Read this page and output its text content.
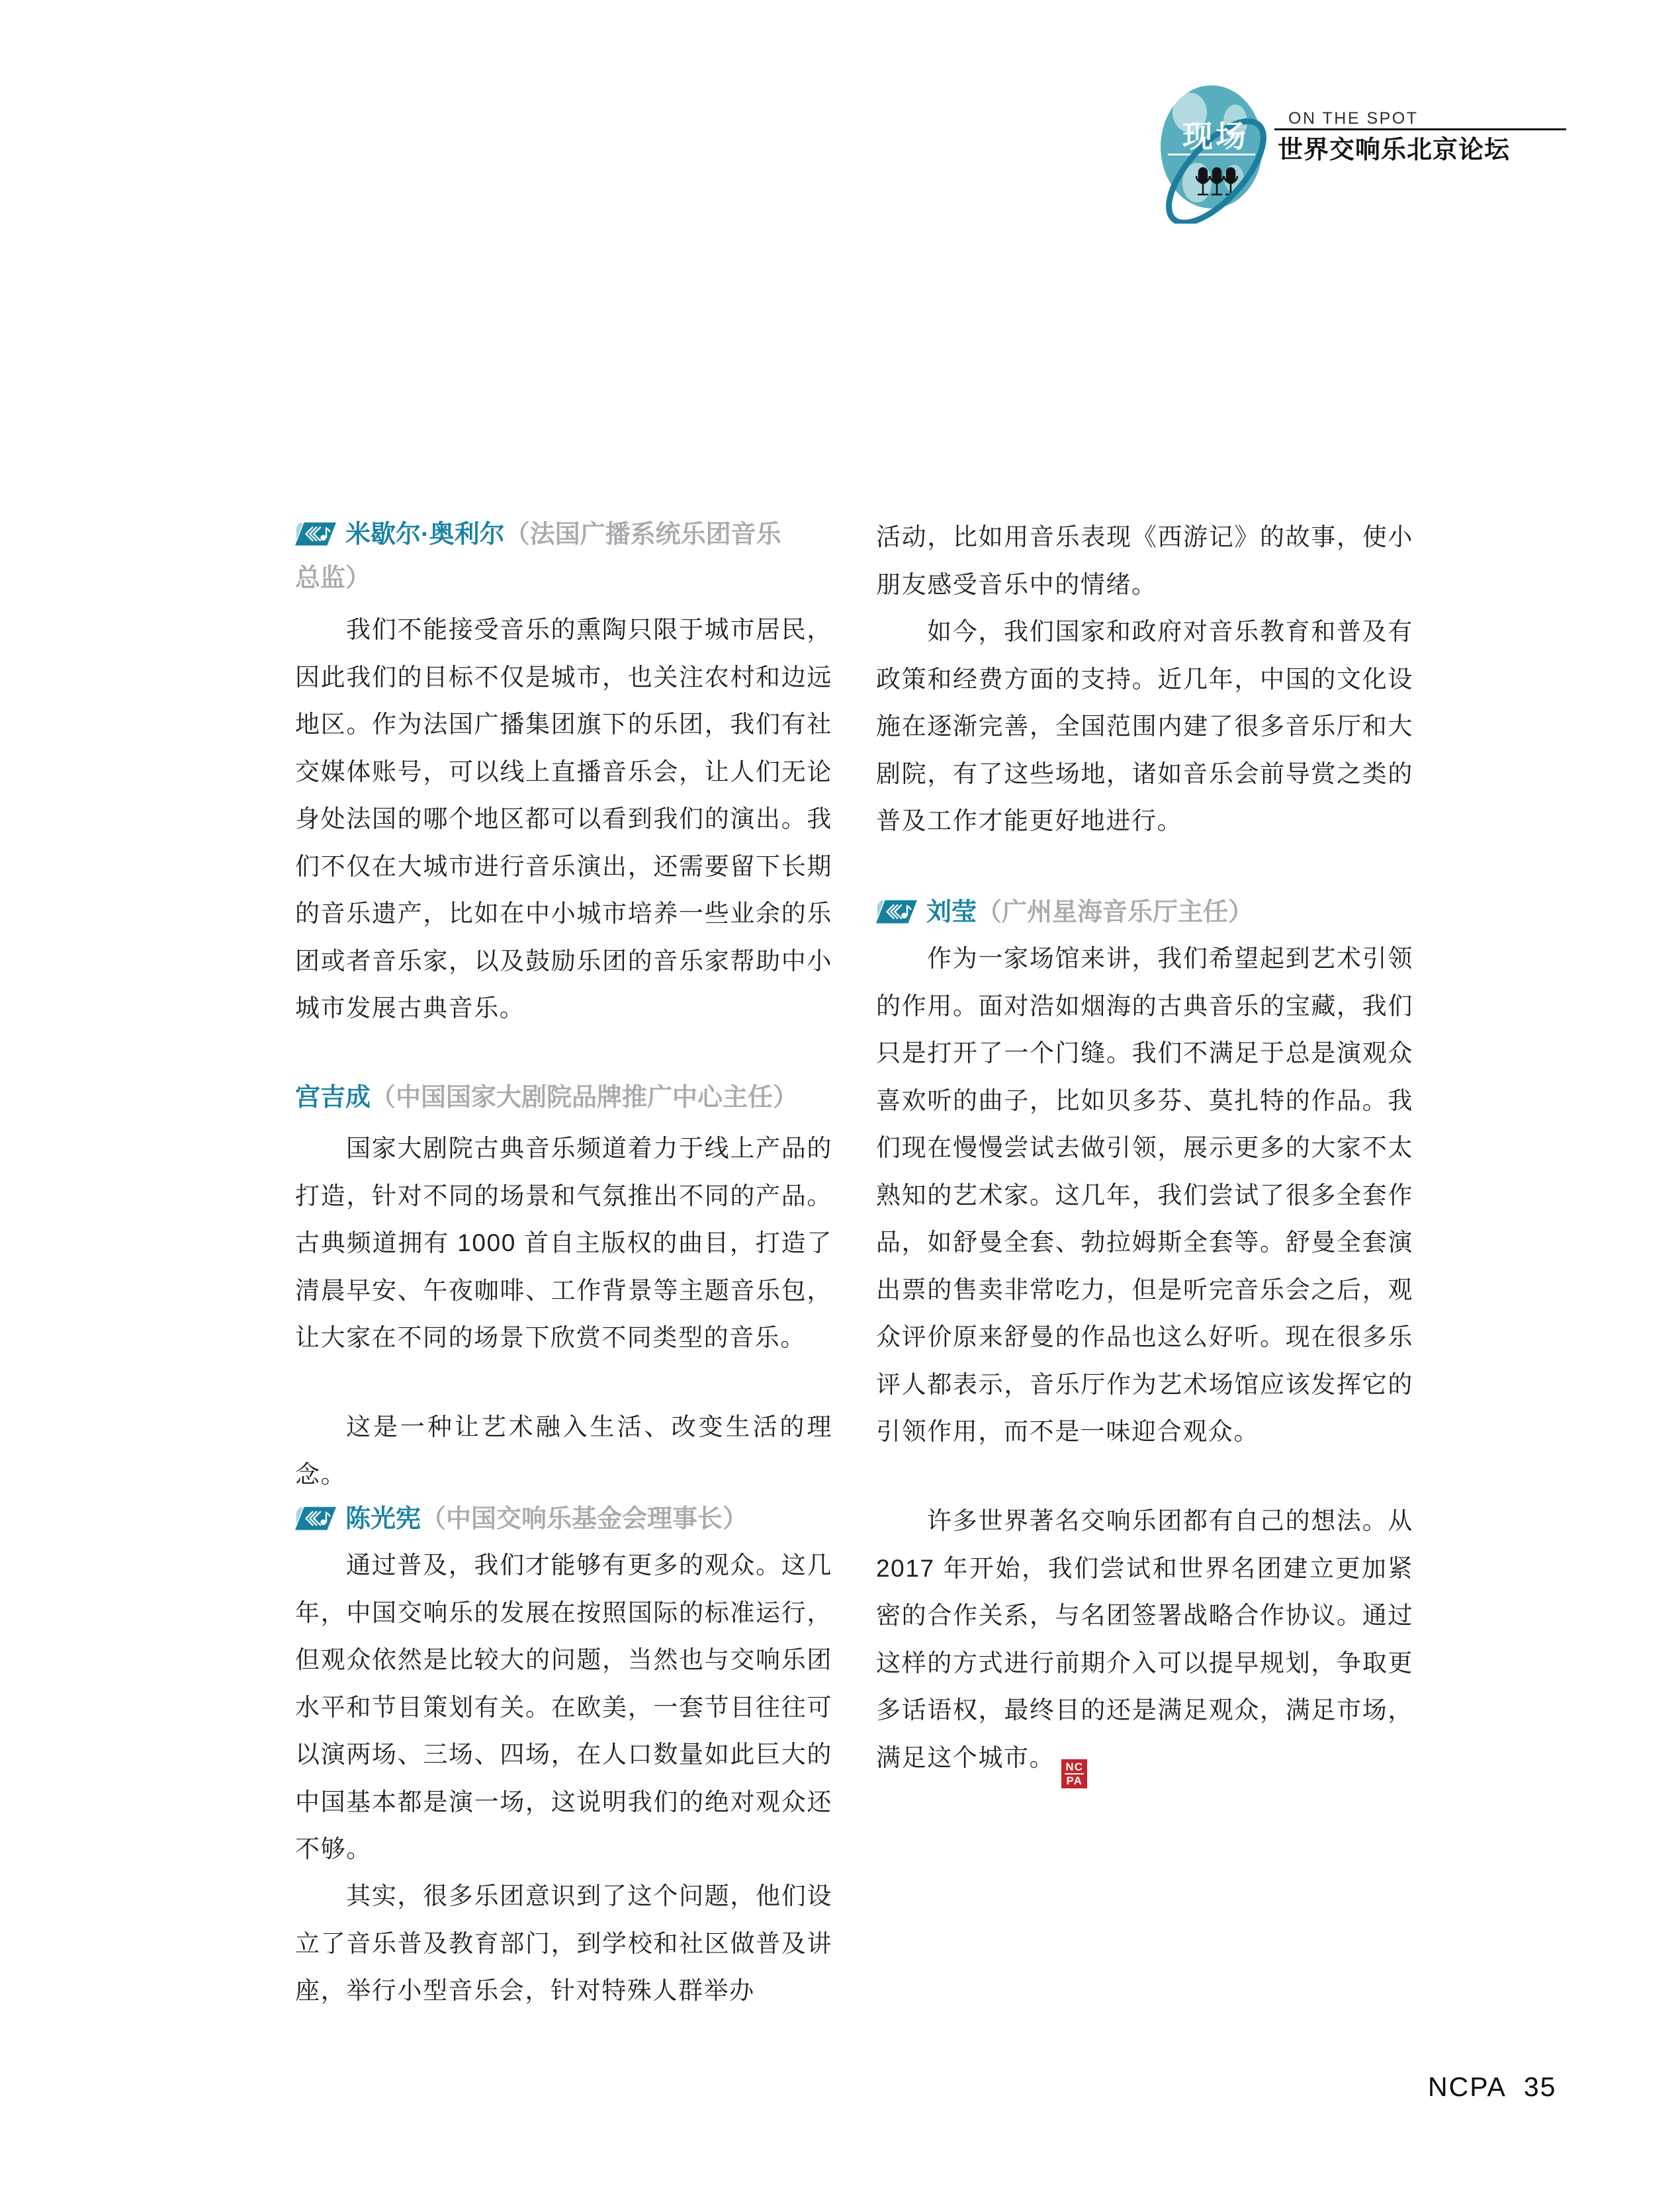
现场
ON THE SPOT
世界交响乐北京论坛
米歇尔·奥利尔（法国广播系统乐团音乐总监）
我们不能接受音乐的熏陶只限于城市居民，因此我们的目标不仅是城市，也关注农村和边远地区。作为法国广播集团旗下的乐团，我们有社交媒体账号，可以线上直播音乐会，让人们无论身处法国的哪个地区都可以看到我们的演出。我们不仅在大城市进行音乐演出，还需要留下长期的音乐遗产，比如在中小城市培养一些业余的乐团或者音乐家，以及鼓励乐团的音乐家帮助中小城市发展古典音乐。
宫吉成（中国国家大剧院品牌推广中心主任）
国家大剧院古典音乐频道着力于线上产品的打造，针对不同的场景和气氛推出不同的产品。古典频道拥有 1000 首自主版权的曲目，打造了清晨早安、午夜咖啡、工作背景等主题音乐包，让大家在不同的场景下欣赏不同类型的音乐。
这是一种让艺术融入生活、改变生活的理念。
陈光宪（中国交响乐基金会理事长）
通过普及，我们才能够有更多的观众。这几年，中国交响乐的发展在按照国际的标准运行，但观众依然是比较大的问题，当然也与交响乐团水平和节目策划有关。在欧美，一套节目往往可以演两场、三场、四场，在人口数量如此巨大的中国基本都是演一场，这说明我们的绝对观众还不够。
其实，很多乐团意识到了这个问题，他们设立了音乐普及教育部门，到学校和社区做普及讲座，举行小型音乐会，针对特殊人群举办
活动，比如用音乐表现《西游记》的故事，使小朋友感受音乐中的情绪。
如今，我们国家和政府对音乐教育和普及有政策和经费方面的支持。近几年，中国的文化设施在逐渐完善，全国范围内建了很多音乐厅和大剧院，有了这些场地，诸如音乐会前导赏之类的普及工作才能更好地进行。
刘莹（广州星海音乐厅主任）
作为一家场馆来讲，我们希望起到艺术引领的作用。面对浩如烟海的古典音乐的宝藏，我们只是打开了一个门缝。我们不满足于总是演观众喜欢听的曲子，比如贝多芬、莫扎特的作品。我们现在慢慢尝试去做引领，展示更多的大家不太熟知的艺术家。这几年，我们尝试了很多全套作品，如舒曼全套、勃拉姆斯全套等。舒曼全套演出票的售卖非常吃力，但是听完音乐会之后，观众评价原来舒曼的作品也这么好听。现在很多乐评人都表示，音乐厅作为艺术场馆应该发挥它的引领作用，而不是一味迎合观众。
许多世界著名交响乐团都有自己的想法。从 2017 年开始，我们尝试和世界名团建立更加紧密的合作关系，与名团签署战略合作协议。通过这样的方式进行前期介入可以提早规划，争取更多话语权，最终目的还是满足观众，满足市场，满足这个城市。
$\frac{NC}{PA}$
NCPA 35
